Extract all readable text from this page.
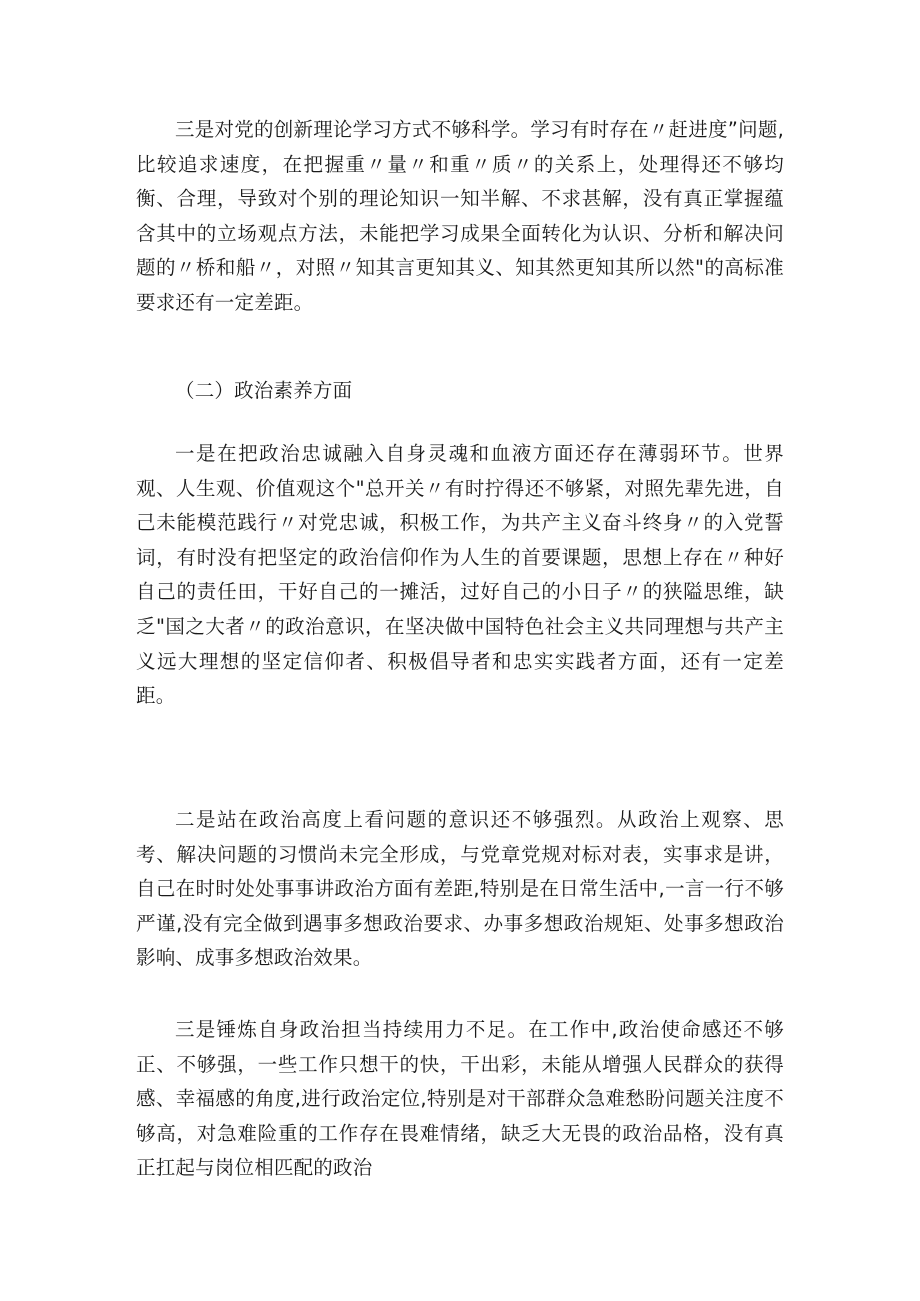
三是对党的创新理论学习方式不够科学。学习有时存在〃赶进度”问题,比较追求速度，在把握重〃量〃和重〃质〃的关系上，处理得还不够均衡、合理，导致对个别的理论知识一知半解、不求甚解，没有真正掌握蕴含其中的立场观点方法，未能把学习成果全面转化为认识、分析和解决问题的〃桥和船〃，对照〃知其言更知其义、知其然更知其所以然"的高标准要求还有一定差距。

（二）政治素养方面

一是在把政治忠诚融入自身灵魂和血液方面还存在薄弱环节。世界观、人生观、价值观这个"总开关〃有时拧得还不够紧，对照先辈先进，自己未能模范践行〃对党忠诚，积极工作，为共产主义奋斗终身〃的入党誓词，有时没有把坚定的政治信仰作为人生的首要课题，思想上存在〃种好自己的责任田，干好自己的一摊活，过好自己的小日子〃的狭隘思维，缺乏"国之大者〃的政治意识，在坚决做中国特色社会主义共同理想与共产主义远大理想的坚定信仰者、积极倡导者和忠实实践者方面，还有一定差距。

二是站在政治高度上看问题的意识还不够强烈。从政治上观察、思考、解决问题的习惯尚未完全形成，与党章党规对标对表，实事求是讲，自己在时时处处事事讲政治方面有差距,特别是在日常生活中,一言一行不够严谨,没有完全做到遇事多想政治要求、办事多想政治规矩、处事多想政治影响、成事多想政治效果。

三是锤炼自身政治担当持续用力不足。在工作中,政治使命感还不够正、不够强，一些工作只想干的快，干出彩，未能从增强人民群众的获得感、幸福感的角度,进行政治定位,特别是对干部群众急难愁盼问题关注度不够高，对急难险重的工作存在畏难情绪，缺乏大无畏的政治品格，没有真正扛起与岗位相匹配的政治
